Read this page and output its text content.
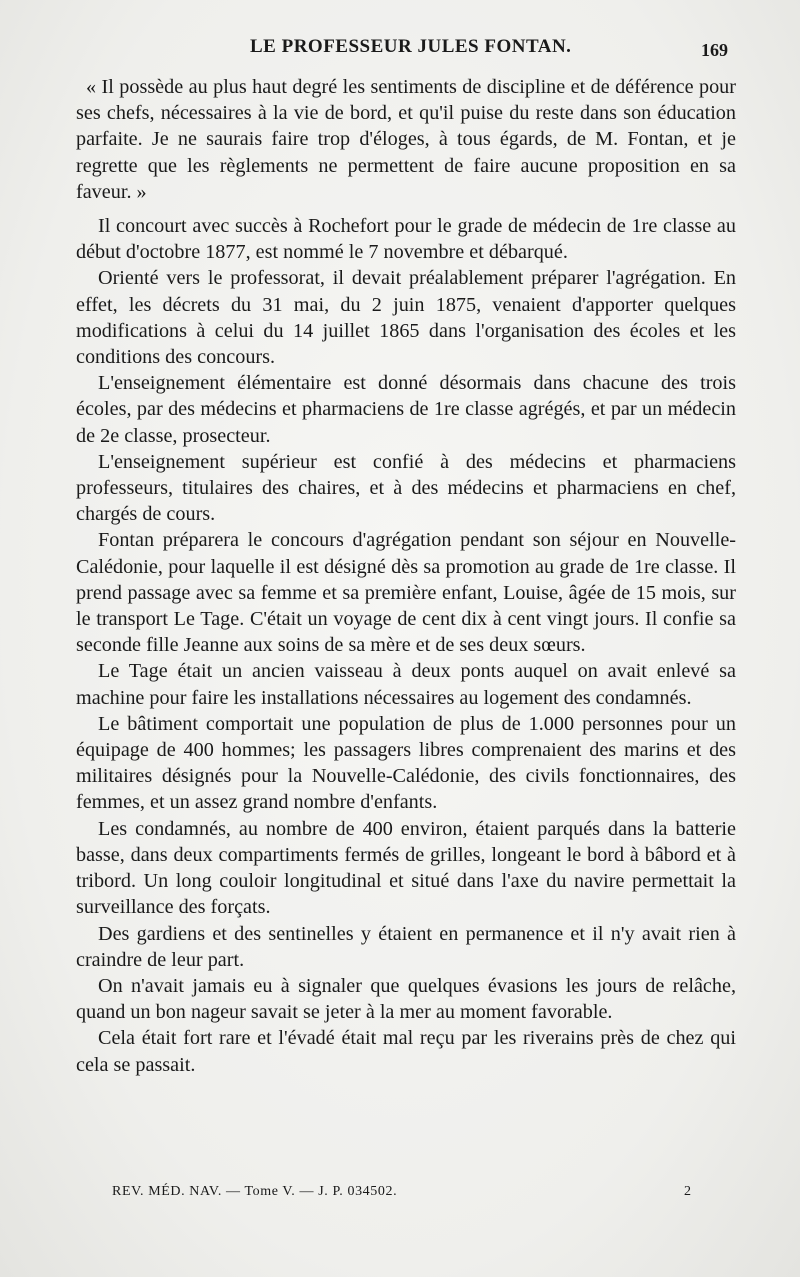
LE PROFESSEUR JULES FONTAN.	169

« Il possède au plus haut degré les sentiments de discipline et de déférence pour ses chefs, nécessaires à la vie de bord, et qu'il puise du reste dans son éducation parfaite. Je ne saurais faire trop d'éloges, à tous égards, de M. Fontan, et je regrette que les règlements ne permettent de faire aucune proposition en sa faveur. »

Il concourt avec succès à Rochefort pour le grade de médecin de 1re classe au début d'octobre 1877, est nommé le 7 novembre et débarqué.

Orienté vers le professorat, il devait préalablement préparer l'agrégation. En effet, les décrets du 31 mai, du 2 juin 1875, venaient d'apporter quelques modifications à celui du 14 juillet 1865 dans l'organisation des écoles et les conditions des concours.

L'enseignement élémentaire est donné désormais dans chacune des trois écoles, par des médecins et pharmaciens de 1re classe agrégés, et par un médecin de 2e classe, prosecteur.

L'enseignement supérieur est confié à des médecins et pharmaciens professeurs, titulaires des chaires, et à des médecins et pharmaciens en chef, chargés de cours.

Fontan préparera le concours d'agrégation pendant son séjour en Nouvelle-Calédonie, pour laquelle il est désigné dès sa promotion au grade de 1re classe. Il prend passage avec sa femme et sa première enfant, Louise, âgée de 15 mois, sur le transport Le Tage. C'était un voyage de cent dix à cent vingt jours. Il confie sa seconde fille Jeanne aux soins de sa mère et de ses deux sœurs.

Le Tage était un ancien vaisseau à deux ponts auquel on avait enlevé sa machine pour faire les installations nécessaires au logement des condamnés.

Le bâtiment comportait une population de plus de 1.000 personnes pour un équipage de 400 hommes; les passagers libres comprenaient des marins et des militaires désignés pour la Nouvelle-Calédonie, des civils fonctionnaires, des femmes, et un assez grand nombre d'enfants.

Les condamnés, au nombre de 400 environ, étaient parqués dans la batterie basse, dans deux compartiments fermés de grilles, longeant le bord à bâbord et à tribord. Un long couloir longitudinal et situé dans l'axe du navire permettait la surveillance des forçats.

Des gardiens et des sentinelles y étaient en permanence et il n'y avait rien à craindre de leur part.

On n'avait jamais eu à signaler que quelques évasions les jours de relâche, quand un bon nageur savait se jeter à la mer au moment favorable.

Cela était fort rare et l'évadé était mal reçu par les riverains près de chez qui cela se passait.

REV. MÉD. NAV. — Tome V. — J. P. 034502.	2
